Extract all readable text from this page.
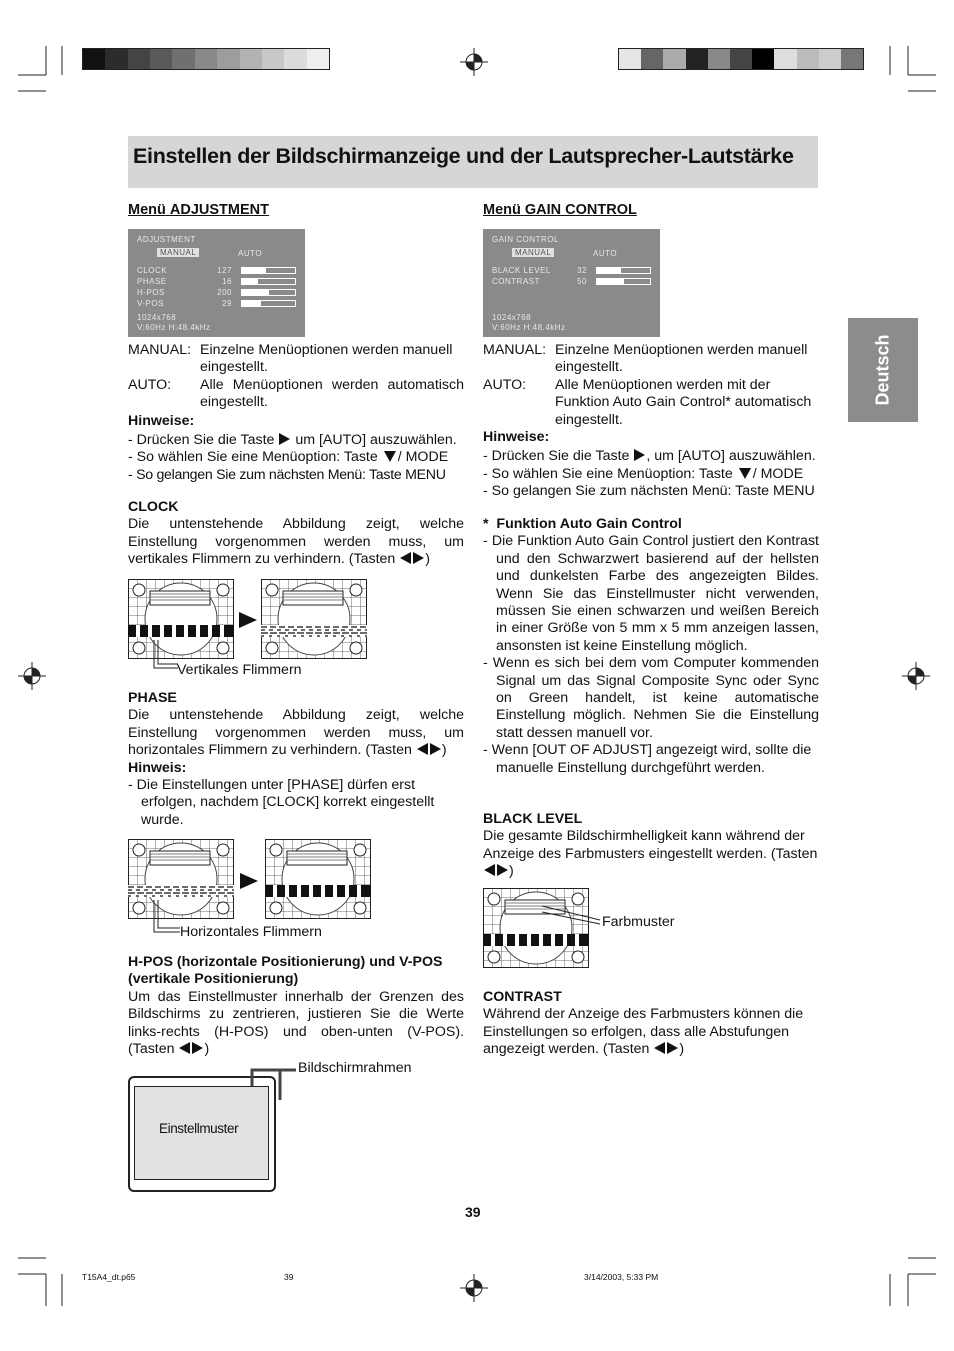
Einstellen der Bildschirmanzeige und der Lautsprecher-Lautstärke
Deutsch
Menü ADJUSTMENT
ADJUSTMENT
MANUAL	AUTO
CLOCK	127
PHASE	16
H-POS	200
V-POS	29
1024x768
V:60Hz H:48.4kHz
MANUAL: Einzelne Menüoptionen werden manuell eingestellt.
AUTO:	Alle Menüoptionen werden automatisch eingestellt.
Hinweise:
- Drücken Sie die Taste um [AUTO] auszuwählen.
- So wählen Sie eine Menüoption: Taste / MODE
- So gelangen Sie zum nächsten Menü: Taste MENU
CLOCK
Die untenstehende Abbildung zeigt, welche Einstellung vorgenommen werden muss, um vertikales Flimmern zu verhindern. (Tasten )
Vertikales Flimmern
PHASE
Die untenstehende Abbildung zeigt, welche Einstellung vorgenommen werden muss, um horizontales Flimmern zu verhindern. (Tasten )
Hinweis:
- Die Einstellungen unter [PHASE] dürfen erst erfolgen, nachdem [CLOCK] korrekt eingestellt wurde.
Horizontales Flimmern
H-POS (horizontale Positionierung) und V-POS (vertikale Positionierung)
Um das Einstellmuster innerhalb der Grenzen des Bildschirms zu zentrieren, justieren Sie die Werte links-rechts (H-POS) und oben-unten (V-POS). (Tasten )
Einstellmuster
Bildschirmrahmen
Menü GAIN CONTROL
GAIN CONTROL
MANUAL	AUTO
BLACK LEVEL	32
CONTRAST	50
1024x768
V:60Hz H:48.4kHz
MANUAL: Einzelne Menüoptionen werden manuell eingestellt.
AUTO:	Alle Menüoptionen werden mit der Funktion Auto Gain Control* automatisch eingestellt.
Hinweise:
- Drücken Sie die Taste , um [AUTO] auszuwählen.
- So wählen Sie eine Menüoption: Taste / MODE
- So gelangen Sie zum nächsten Menü: Taste MENU
*  Funktion Auto Gain Control
- Die Funktion Auto Gain Control justiert den Kontrast und den Schwarzwert basierend auf der hellsten und dunkelsten Farbe des angezeigten Bildes. Wenn Sie das Einstellmuster nicht verwenden, müssen Sie einen schwarzen und weißen Bereich in einer Größe von 5 mm x 5 mm anzeigen lassen, ansonsten ist keine Einstellung möglich.
- Wenn es sich bei dem vom Computer kommenden Signal um das Signal Composite Sync oder Sync on Green handelt, ist keine automatische Einstellung möglich. Nehmen Sie die Einstellung statt dessen manuell vor.
- Wenn [OUT OF ADJUST] angezeigt wird, sollte die manuelle Einstellung durchgeführt werden.
BLACK LEVEL
Die gesamte Bildschirmhelligkeit kann während der Anzeige des Farbmusters eingestellt werden. (Tasten )
Farbmuster
CONTRAST
Während der Anzeige des Farbmusters können die Einstellungen so erfolgen, dass alle Abstufungen angezeigt werden. (Tasten )
39
T15A4_dt.p65	39	3/14/2003, 5:33 PM
